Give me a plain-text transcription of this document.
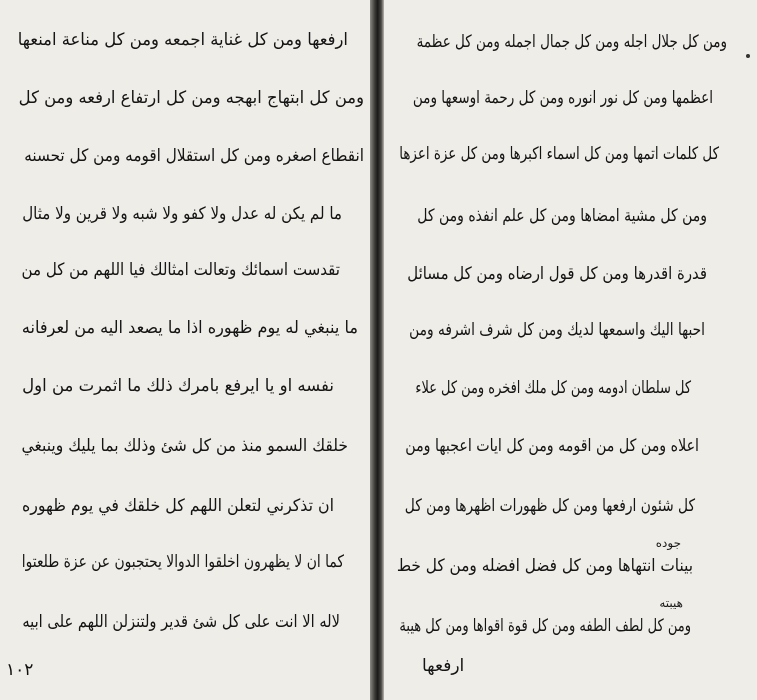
ارفعها ومن كل غناية اجمعه ومن كل مناعة امنعها
ومن كل ابتهاج ابهجه ومن كل ارتفاع ارفعه ومن كل
انقطاع اصغره ومن كل استقلال اقومه ومن كل تحسنه
ما لم يكن له عدل ولا كفو ولا شبه ولا قرين ولا مثال
تقدست اسمائك وتعالت امثالك فيا اللهم من كل من
ما ينبغي له يوم ظهوره اذا ما يصعد اليه من لعرفانه
نفسه او يا ايرفع بامرك ذلك ما اثمرت من اول
خلقك السمو منذ من كل شئ وذلك بما يليك وينبغي
ان تذكرني لتعلن اللهم كل خلقك في يوم ظهوره
كما ان لا يظهرون اخلقوا الدوالا يحتجبون عن عزة طلعتوا
لاله الا انت على كل شئ قدير ولتنزلن اللهم على ابيه
١٠٢
ومن كل جلال اجله ومن كل جمال اجمله ومن كل عظمة
اعظمها ومن كل نور انوره ومن كل رحمة اوسعها ومن
كل كلمات اتمها ومن كل اسماء اكبرها ومن كل عزة اعزها
ومن كل مشية امضاها ومن كل علم انفذه ومن كل
قدرة اقدرها ومن كل قول ارضاه ومن كل مسائل
احبها اليك واسمعها لديك ومن كل شرف اشرفه ومن
كل سلطان ادومه ومن كل ملك افخره ومن كل علاء
اعلاه ومن كل من اقومه ومن كل ايات اعجبها ومن
كل شئون ارفعها ومن كل ظهورات اظهرها ومن كل
جوده
بينات انتهاها ومن كل فضل افضله ومن كل خط
هيبته
ومن كل لطف الطفه ومن كل قوة اقواها ومن كل هيبة
ارفعها
